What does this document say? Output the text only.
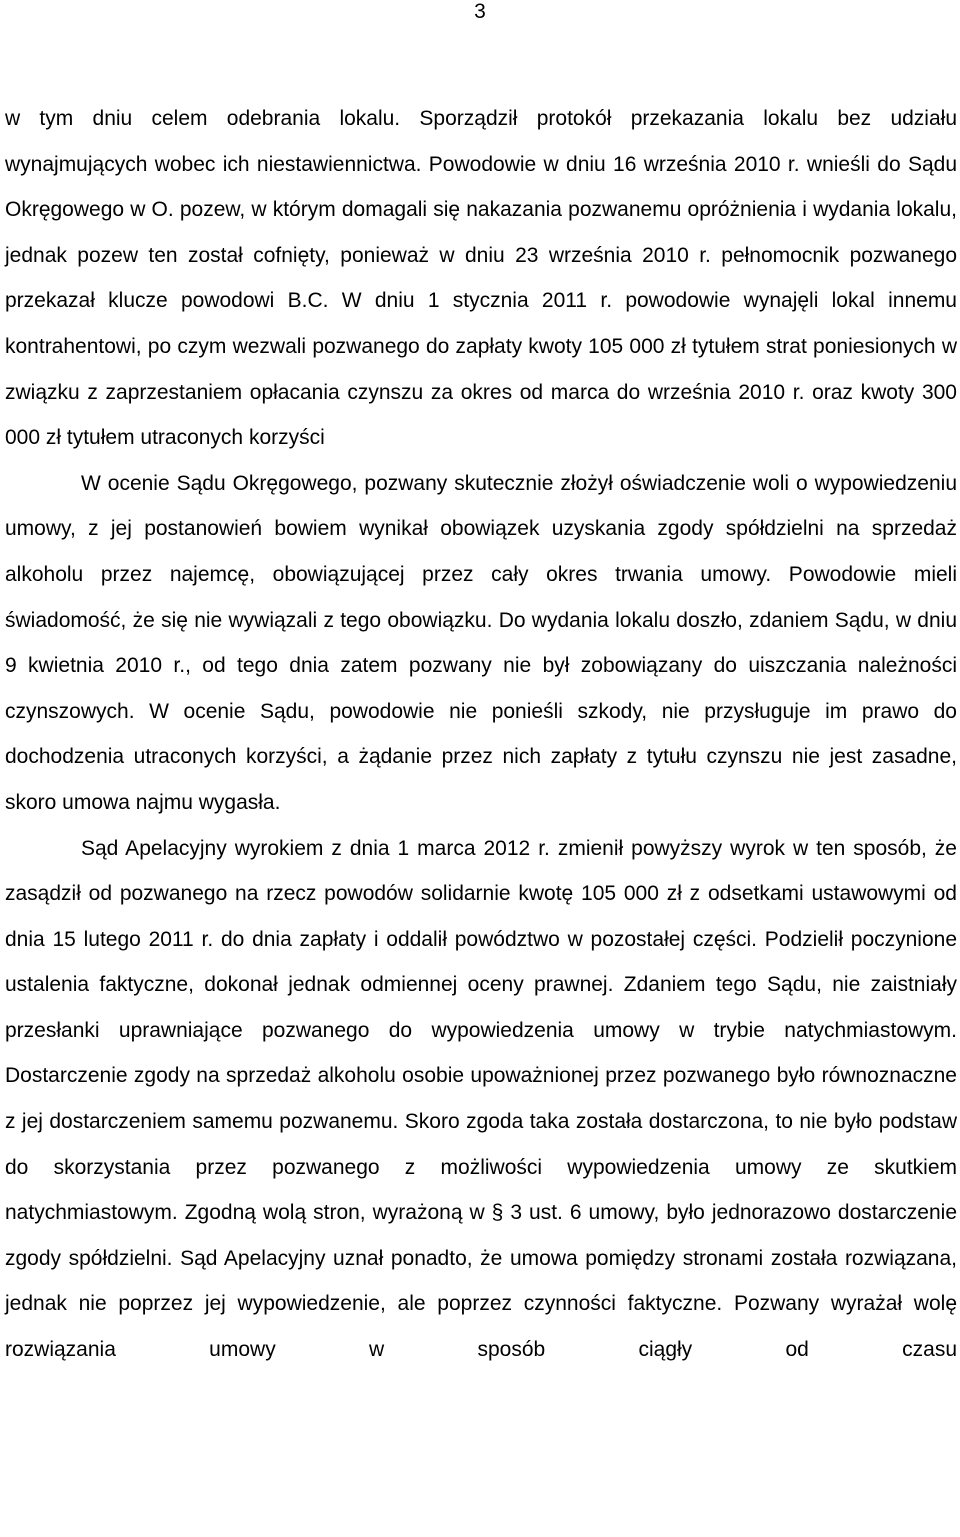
3

w tym dniu celem odebrania lokalu. Sporządził protokół przekazania lokalu bez udziału wynajmujących wobec ich niestawiennictwa. Powodowie w dniu 16 września 2010 r. wnieśli do Sądu Okręgowego w O. pozew, w którym domagali się nakazania pozwanemu opróżnienia i wydania lokalu, jednak pozew ten został cofnięty, ponieważ w dniu 23 września 2010 r. pełnomocnik pozwanego przekazał klucze powodowi B.C. W dniu 1 stycznia 2011 r. powodowie wynajęli lokal innemu kontrahentowi, po czym wezwali pozwanego do zapłaty kwoty 105 000 zł tytułem strat poniesionych w związku z zaprzestaniem opłacania czynszu za okres od marca do września 2010 r. oraz kwoty 300 000 zł tytułem utraconych korzyści

W ocenie Sądu Okręgowego, pozwany skutecznie złożył oświadczenie woli o wypowiedzeniu umowy, z jej postanowień bowiem wynikał obowiązek uzyskania zgody spółdzielni na sprzedaż alkoholu przez najemcę, obowiązującej przez cały okres trwania umowy. Powodowie mieli świadomość, że się nie wywiązali z tego obowiązku. Do wydania lokalu doszło, zdaniem Sądu, w dniu 9 kwietnia 2010 r., od tego dnia zatem pozwany nie był zobowiązany do uiszczania należności czynszowych. W ocenie Sądu, powodowie nie ponieśli szkody, nie przysługuje im prawo do dochodzenia utraconych korzyści, a żądanie przez nich zapłaty z tytułu czynszu nie jest zasadne, skoro umowa najmu wygasła.

Sąd Apelacyjny wyrokiem z dnia 1 marca 2012 r. zmienił powyższy wyrok w ten sposób, że zasądził od pozwanego na rzecz powodów solidarnie kwotę 105 000 zł z odsetkami ustawowymi od dnia 15 lutego 2011 r. do dnia zapłaty i oddalił powództwo w pozostałej części. Podzielił poczynione ustalenia faktyczne, dokonał jednak odmiennej oceny prawnej. Zdaniem tego Sądu, nie zaistniały przesłanki uprawniające pozwanego do wypowiedzenia umowy w trybie natychmiastowym. Dostarczenie zgody na sprzedaż alkoholu osobie upoważnionej przez pozwanego było równoznaczne z jej dostarczeniem samemu pozwanemu. Skoro zgoda taka została dostarczona, to nie było podstaw do skorzystania przez pozwanego z możliwości wypowiedzenia umowy ze skutkiem natychmiastowym. Zgodną wolą stron, wyrażoną w § 3 ust. 6 umowy, było jednorazowo dostarczenie zgody spółdzielni. Sąd Apelacyjny uznał ponadto, że umowa pomiędzy stronami została rozwiązana, jednak nie poprzez jej wypowiedzenie, ale poprzez czynności faktyczne. Pozwany wyrażał wolę rozwiązania umowy w sposób ciągły od czasu
